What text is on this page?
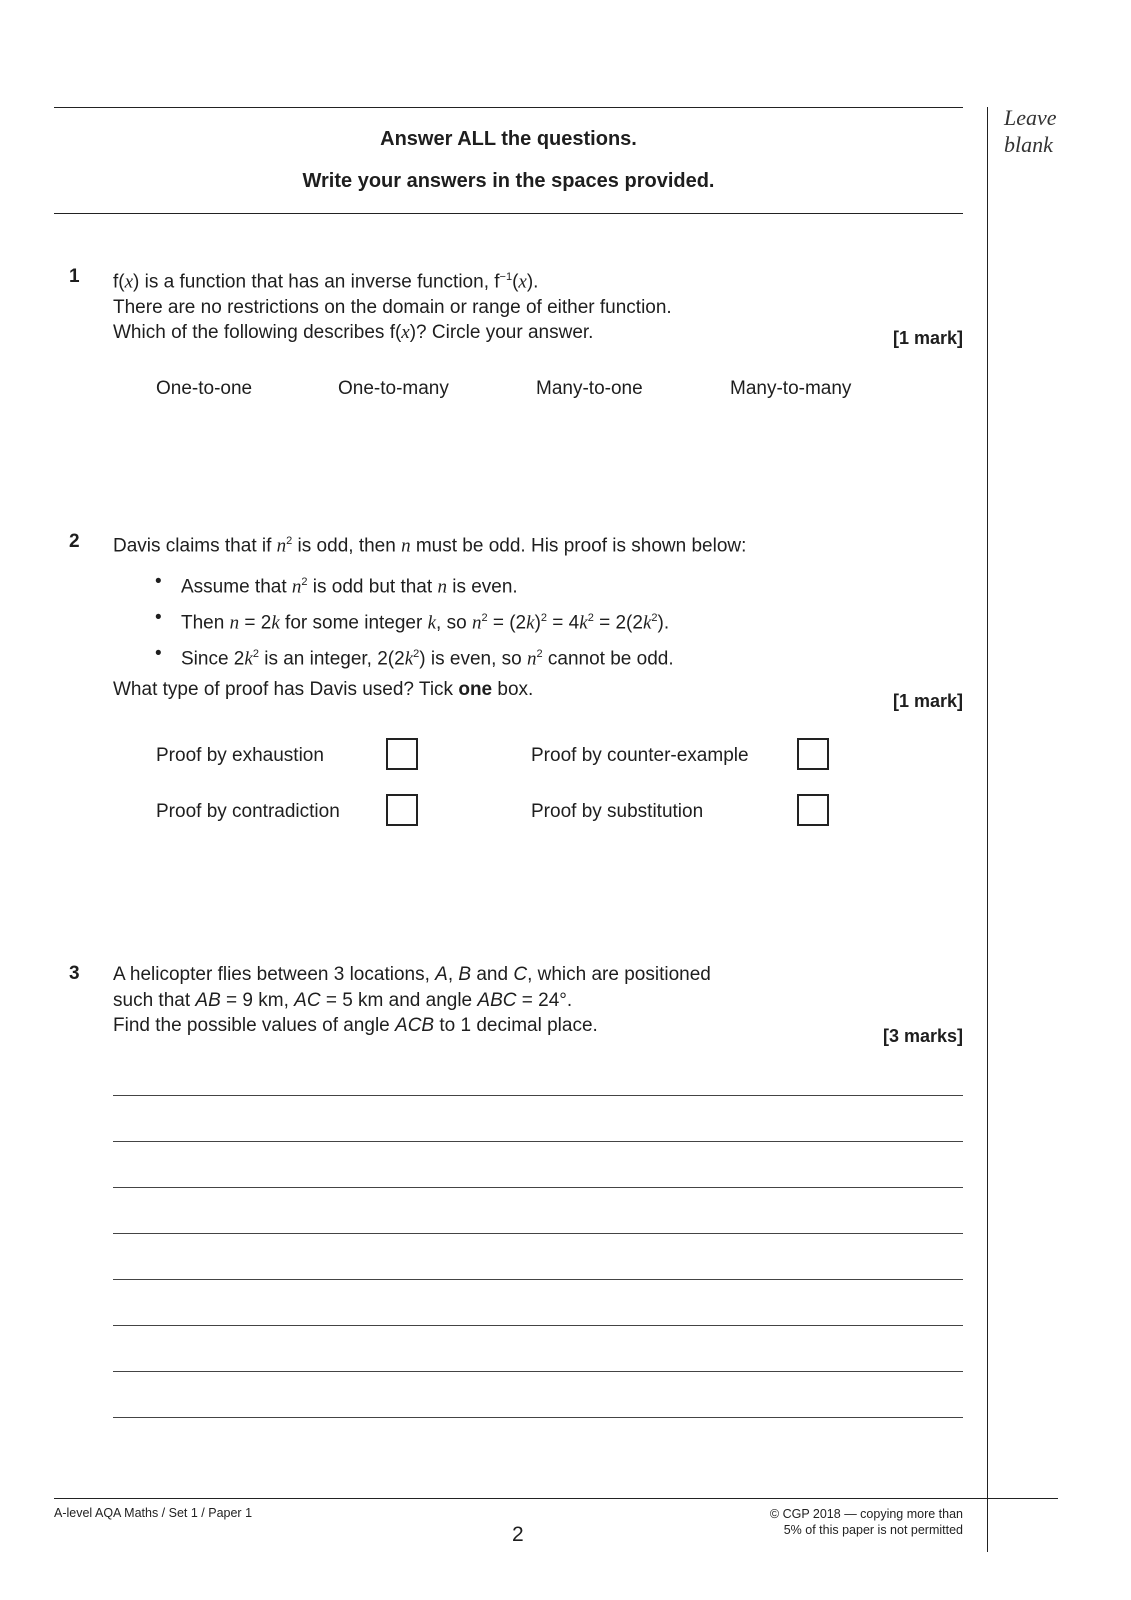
Leave
blank
Answer ALL the questions.
Write your answers in the spaces provided.
1 f(x) is a function that has an inverse function, $f^{-1}(x)$.
There are no restrictions on the domain or range of either function.
Which of the following describes f(x)? Circle your answer.	[1 mark]
One-to-one	One-to-many	Many-to-one	Many-to-many
2 Davis claims that if $n^2$ is odd, then n must be odd. His proof is shown below:
• Assume that $n^2$ is odd but that n is even.
• Then n = 2k for some integer k, so $n^2 = (2k)^2 = 4k^2 = 2(2k^2)$.
• Since $2k^2$ is an integer, $2(2k^2)$ is even, so $n^2$ cannot be odd.
What type of proof has Davis used? Tick one box.
[1 mark]
Proof by exhaustion	Proof by counter-example
Proof by contradiction	Proof by substitution
3 A helicopter flies between 3 locations, A, B and C, which are positioned
such that AB = 9 km, AC = 5 km and angle ABC = 24°.
Find the possible values of angle ACB to 1 decimal place.	[3 marks]
A-level AQA Maths / Set 1 / Paper 1
2
© CGP 2018 — copying more than
5% of this paper is not permitted
